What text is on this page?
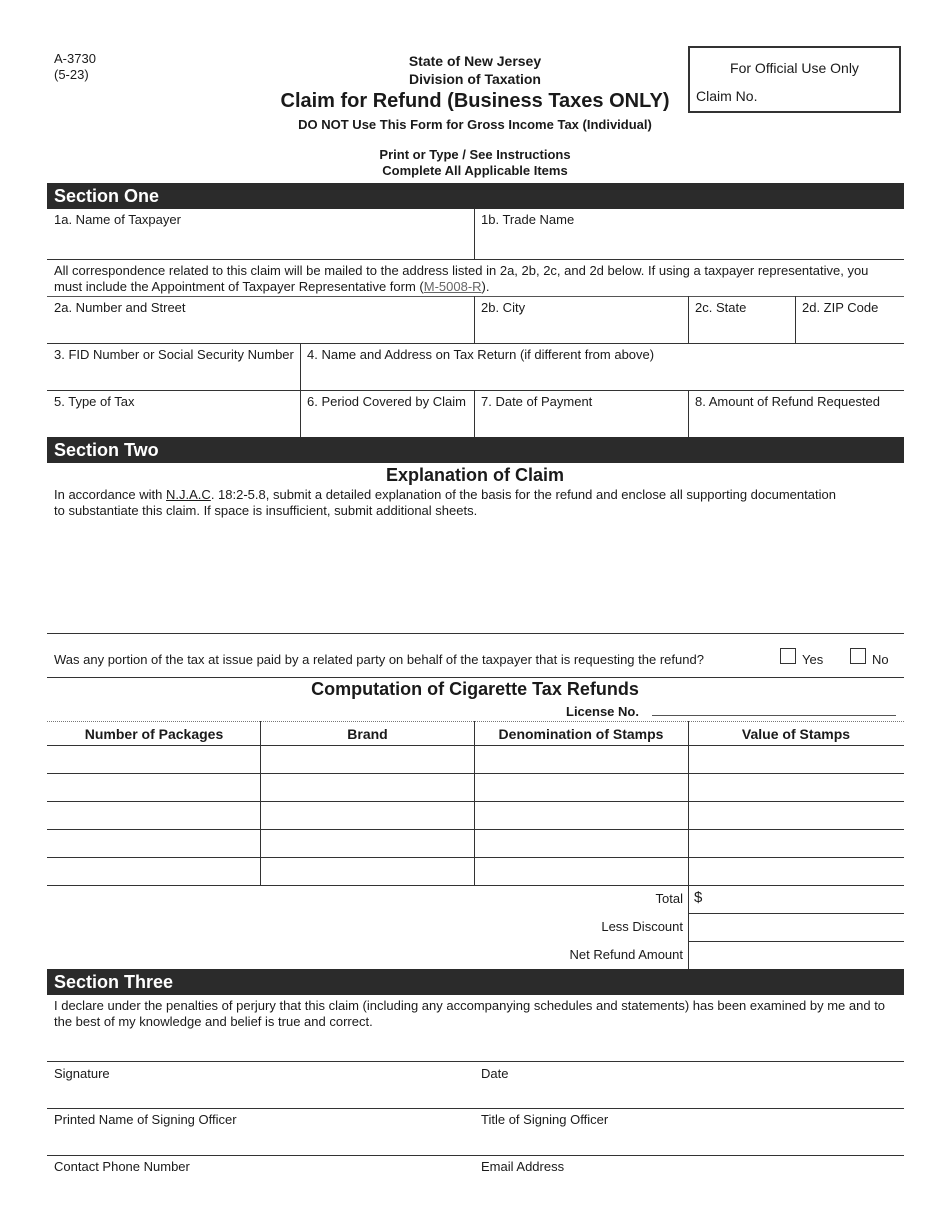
A-3730
(5-23)
State of New Jersey
Division of Taxation
Claim for Refund (Business Taxes ONLY)
DO NOT Use This Form for Gross Income Tax (Individual)
Print or Type / See Instructions
Complete All Applicable Items
For Official Use Only
Claim No.
Section One
1a. Name of Taxpayer	1b. Trade Name
All correspondence related to this claim will be mailed to the address listed in 2a, 2b, 2c, and 2d below. If using a taxpayer representative, you
must include the Appointment of Taxpayer Representative form (M-5008-R).
2a. Number and Street	2b. City	2c. State	2d. ZIP Code
3. FID Number or Social Security Number 4. Name and Address on Tax Return (if different from above)
5. Type of Tax	6. Period Covered by Claim 7. Date of Payment	8. Amount of Refund Requested
Section Two
Explanation of Claim
In accordance with N.J.A.C. 18:2-5.8, submit a detailed explanation of the basis for the refund and enclose all supporting documentation
to substantiate this claim. If space is insufficient, submit additional sheets.
Was any portion of the tax at issue paid by a related party on behalf of the taxpayer that is requesting the refund?	Yes	No
Computation of Cigarette Tax Refunds
License No.
Number of Packages	Brand	Denomination of Stamps	Value of Stamps
Total $
Less Discount
Net Refund Amount
Section Three
I declare under the penalties of perjury that this claim (including any accompanying schedules and statements) has been examined by me and to
the best of my knowledge and belief is true and correct.
Signature	Date
Printed Name of Signing Officer	Title of Signing Officer
Contact Phone Number	Email Address
